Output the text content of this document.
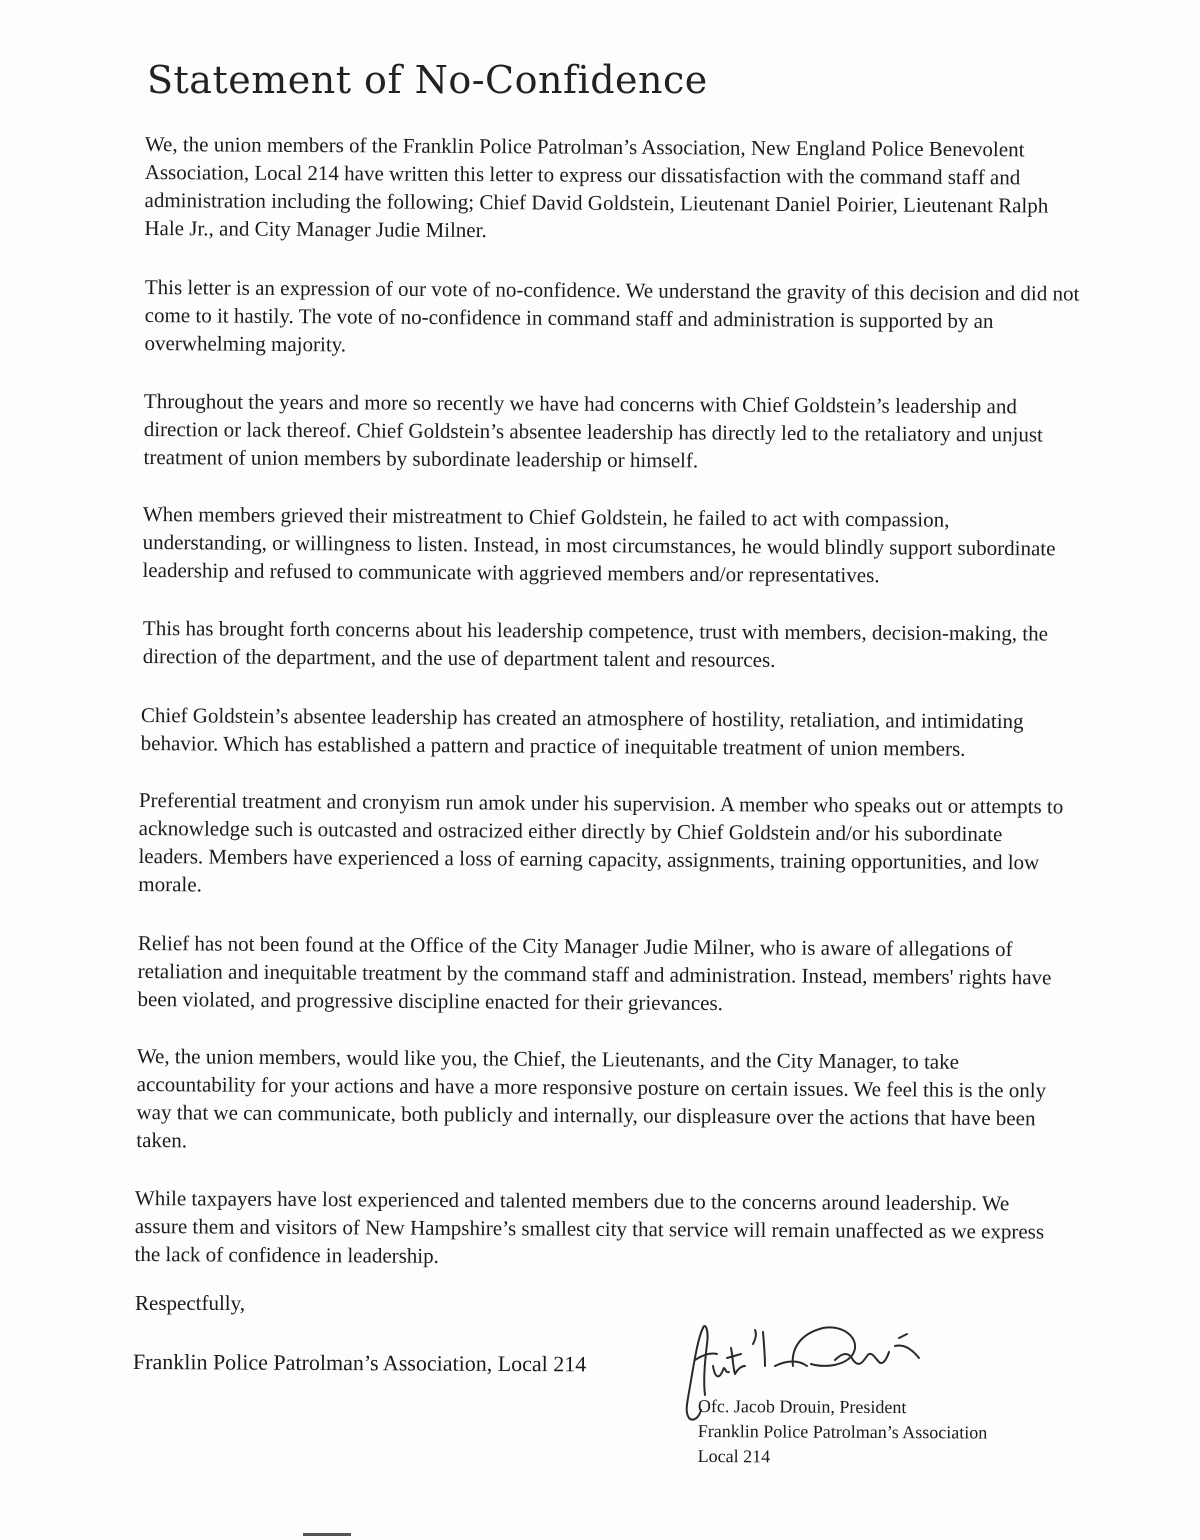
Statement of No-Confidence

We, the union members of the Franklin Police Patrolman’s Association, New England Police Benevolent Association, Local 214 have written this letter to express our dissatisfaction with the command staff and administration including the following; Chief David Goldstein, Lieutenant Daniel Poirier, Lieutenant Ralph Hale Jr., and City Manager Judie Milner.

This letter is an expression of our vote of no-confidence. We understand the gravity of this decision and did not come to it hastily. The vote of no-confidence in command staff and administration is supported by an overwhelming majority.

Throughout the years and more so recently we have had concerns with Chief Goldstein’s leadership and direction or lack thereof. Chief Goldstein’s absentee leadership has directly led to the retaliatory and unjust treatment of union members by subordinate leadership or himself.

When members grieved their mistreatment to Chief Goldstein, he failed to act with compassion, understanding, or willingness to listen. Instead, in most circumstances, he would blindly support subordinate leadership and refused to communicate with aggrieved members and/or representatives.

This has brought forth concerns about his leadership competence, trust with members, decision-making, the direction of the department, and the use of department talent and resources.

Chief Goldstein’s absentee leadership has created an atmosphere of hostility, retaliation, and intimidating behavior. Which has established a pattern and practice of inequitable treatment of union members.

Preferential treatment and cronyism run amok under his supervision. A member who speaks out or attempts to acknowledge such is outcasted and ostracized either directly by Chief Goldstein and/or his subordinate leaders. Members have experienced a loss of earning capacity, assignments, training opportunities, and low morale.

Relief has not been found at the Office of the City Manager Judie Milner, who is aware of allegations of retaliation and inequitable treatment by the command staff and administration. Instead, members' rights have been violated, and progressive discipline enacted for their grievances.

We, the union members, would like you, the Chief, the Lieutenants, and the City Manager, to take accountability for your actions and have a more responsive posture on certain issues. We feel this is the only way that we can communicate, both publicly and internally, our displeasure over the actions that have been taken.

While taxpayers have lost experienced and talented members due to the concerns around leadership. We assure them and visitors of New Hampshire’s smallest city that service will remain unaffected as we express the lack of confidence in leadership.

Respectfully,

Franklin Police Patrolman’s Association, Local 214

Ofc. Jacob Drouin, President
Franklin Police Patrolman’s Association
Local 214
